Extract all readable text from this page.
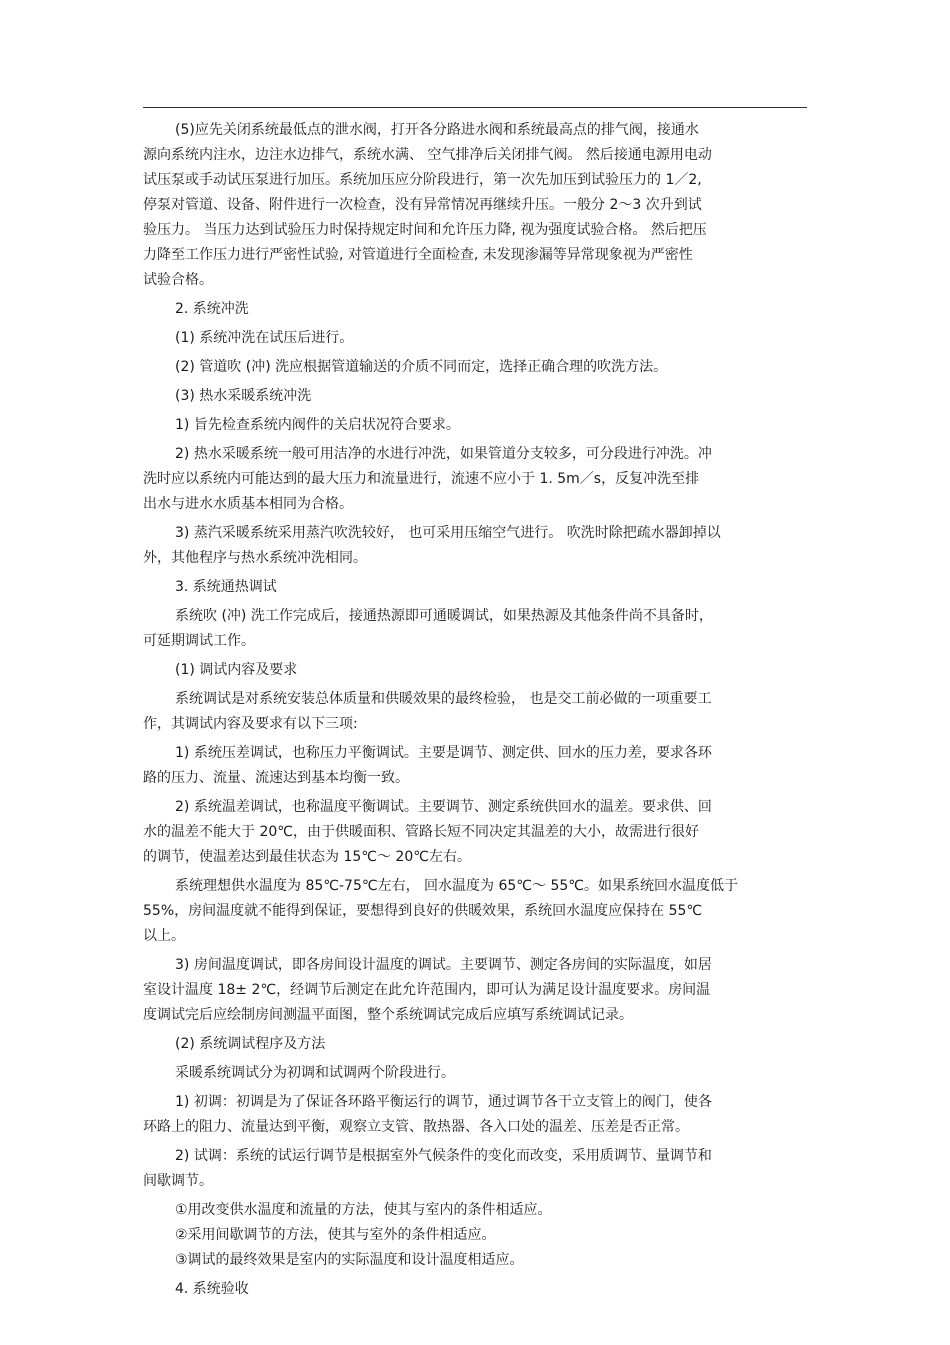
(5)应先关闭系统最低点的泄水阀，打开各分路进水阀和系统最高点的排气阀，接通水

源向系统内注水，边注水边排气，系统水满、 空气排净后关闭排气阀。 然后接通电源用电动

试压泵或手动试压泵进行加压。系统加压应分阶段进行，第一次先加压到试验压力的 1／2,

停泵对管道、设备、附件进行一次检查，没有异常情况再继续升压。一般分 2～3 次升到试

验压力。 当压力达到试验压力时保持规定时间和允许压力降, 视为强度试验合格。 然后把压

力降至工作压力进行严密性试验, 对管道进行全面检查, 未发现渗漏等异常现象视为严密性

试验合格。

2. 系统冲洗

(1) 系统冲洗在试压后进行。

(2) 管道吹 (冲) 洗应根据管道输送的介质不同而定，选择正确合理的吹洗方法。

(3) 热水采暖系统冲洗

1) 旨先检查系统内阀件的关启状况符合要求。

2) 热水采暖系统一般可用洁净的水进行冲洗，如果管道分支较多，可分段进行冲洗。冲

洗时应以系统内可能达到的最大压力和流量进行，流速不应小于 1. 5m／s，反复冲洗至排

出水与进水水质基本相同为合格。

3) 蒸汽采暖系统采用蒸汽吹洗较好， 也可采用压缩空气进行。 吹洗时除把疏水器卸掉以

外，其他程序与热水系统冲洗相同。

3. 系统通热调试

系统吹 (冲) 洗工作完成后，接通热源即可通暖调试，如果热源及其他条件尚不具备时，

可延期调试工作。

(1) 调试内容及要求

系统调试是对系统安装总体质量和供暖效果的最终检验， 也是交工前必做的一项重要工

作，其调试内容及要求有以下三项:

1) 系统压差调试，也称压力平衡调试。主要是调节、测定供、回水的压力差，要求各环

路的压力、流量、流速达到基本均衡一致。

2) 系统温差调试，也称温度平衡调试。主要调节、测定系统供回水的温差。要求供、回

水的温差不能大于 20℃，由于供暖面积、管路长短不同决定其温差的大小，故需进行很好

的调节，使温差达到最佳状态为 15℃～ 20℃左右。

系统理想供水温度为 85℃-75℃左右， 回水温度为 65℃～ 55℃。如果系统回水温度低于

55%，房间温度就不能得到保证，要想得到良好的供暖效果，系统回水温度应保持在 55℃

以上。

3) 房间温度调试，即各房间设计温度的调试。主要调节、测定各房间的实际温度，如居

室设计温度 18± 2℃，经调节后测定在此允许范围内，即可认为满足设计温度要求。房间温

度调试完后应绘制房间测温平面图，整个系统调试完成后应填写系统调试记录。

(2) 系统调试程序及方法

采暖系统调试分为初调和试调两个阶段进行。

1) 初调：初调是为了保证各环路平衡运行的调节，通过调节各干立支管上的阀门，使各

环路上的阻力、流量达到平衡，观察立支管、散热器、各入口处的温差、压差是否正常。

2) 试调：系统的试运行调节是根据室外气候条件的变化而改变，采用质调节、量调节和

间歇调节。

①用改变供水温度和流量的方法，使其与室内的条件相适应。

②采用间歇调节的方法，使其与室外的条件相适应。

③调试的最终效果是室内的实际温度和设计温度相适应。

4. 系统验收
